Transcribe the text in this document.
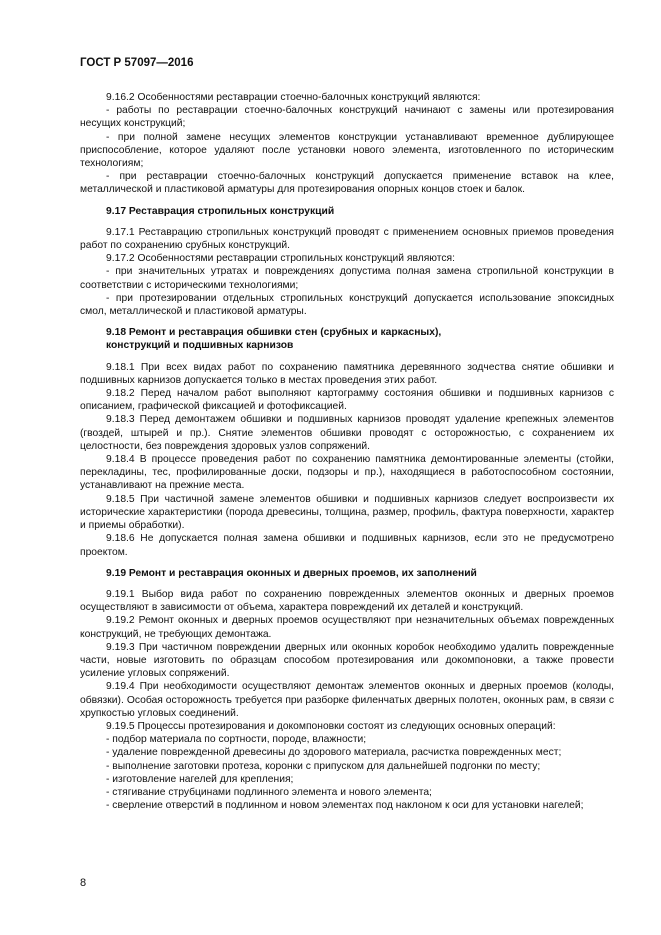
ГОСТ Р 57097—2016

9.16.2 Особенностями реставрации стоечно-балочных конструкций являются:

- работы по реставрации стоечно-балочных конструкций начинают с замены или протезирования несущих конструкций;

- при полной замене несущих элементов конструкции устанавливают временное дублирующее приспособление, которое удаляют после установки нового элемента, изготовленного по историческим технологиям;

- при реставрации стоечно-балочных конструкций допускается применение вставок на клее, металлической и пластиковой арматуры для протезирования опорных концов стоек и балок.

9.17 Реставрация стропильных конструкций

9.17.1 Реставрацию стропильных конструкций проводят с применением основных приемов проведения работ по сохранению срубных конструкций.

9.17.2 Особенностями реставрации стропильных конструкций являются:

- при значительных утратах и повреждениях допустима полная замена стропильной конструкции в соответствии с историческими технологиями;

- при протезировании отдельных стропильных конструкций допускается использование эпоксидных смол, металлической и пластиковой арматуры.

9.18 Ремонт и реставрация обшивки стен (срубных и каркасных),
конструкций и подшивных карнизов

9.18.1 При всех видах работ по сохранению памятника деревянного зодчества снятие обшивки и подшивных карнизов допускается только в местах проведения этих работ.

9.18.2 Перед началом работ выполняют картограмму состояния обшивки и подшивных карнизов с описанием, графической фиксацией и фотофиксацией.

9.18.3 Перед демонтажем обшивки и подшивных карнизов проводят удаление крепежных элементов (гвоздей, штырей и пр.). Снятие элементов обшивки проводят с осторожностью, с сохранением их целостности, без повреждения здоровых узлов сопряжений.

9.18.4 В процессе проведения работ по сохранению памятника демонтированные элементы (стойки, перекладины, тес, профилированные доски, подзоры и пр.), находящиеся в работоспособном состоянии, устанавливают на прежние места.

9.18.5 При частичной замене элементов обшивки и подшивных карнизов следует воспроизвести их исторические характеристики (порода древесины, толщина, размер, профиль, фактура поверхности, характер и приемы обработки).

9.18.6 Не допускается полная замена обшивки и подшивных карнизов, если это не предусмотрено проектом.

9.19 Ремонт и реставрация оконных и дверных проемов, их заполнений

9.19.1 Выбор вида работ по сохранению поврежденных элементов оконных и дверных проемов осуществляют в зависимости от объема, характера повреждений их деталей и конструкций.

9.19.2 Ремонт оконных и дверных проемов осуществляют при незначительных объемах поврежденных конструкций, не требующих демонтажа.

9.19.3 При частичном повреждении дверных или оконных коробок необходимо удалить поврежденные части, новые изготовить по образцам способом протезирования или докомпоновки, а также провести усиление угловых сопряжений.

9.19.4 При необходимости осуществляют демонтаж элементов оконных и дверных проемов (колоды, обвязки). Особая осторожность требуется при разборке филенчатых дверных полотен, оконных рам, в связи с хрупкостью угловых соединений.

9.19.5 Процессы протезирования и докомпоновки состоят из следующих основных операций:

- подбор материала по сортности, породе, влажности;

- удаление поврежденной древесины до здорового материала, расчистка поврежденных мест;

- выполнение заготовки протеза, коронки с припуском для дальнейшей подгонки по месту;

- изготовление нагелей для крепления;

- стягивание струбцинами подлинного элемента и нового элемента;

- сверление отверстий в подлинном и новом элементах под наклоном к оси для установки нагелей;

8
